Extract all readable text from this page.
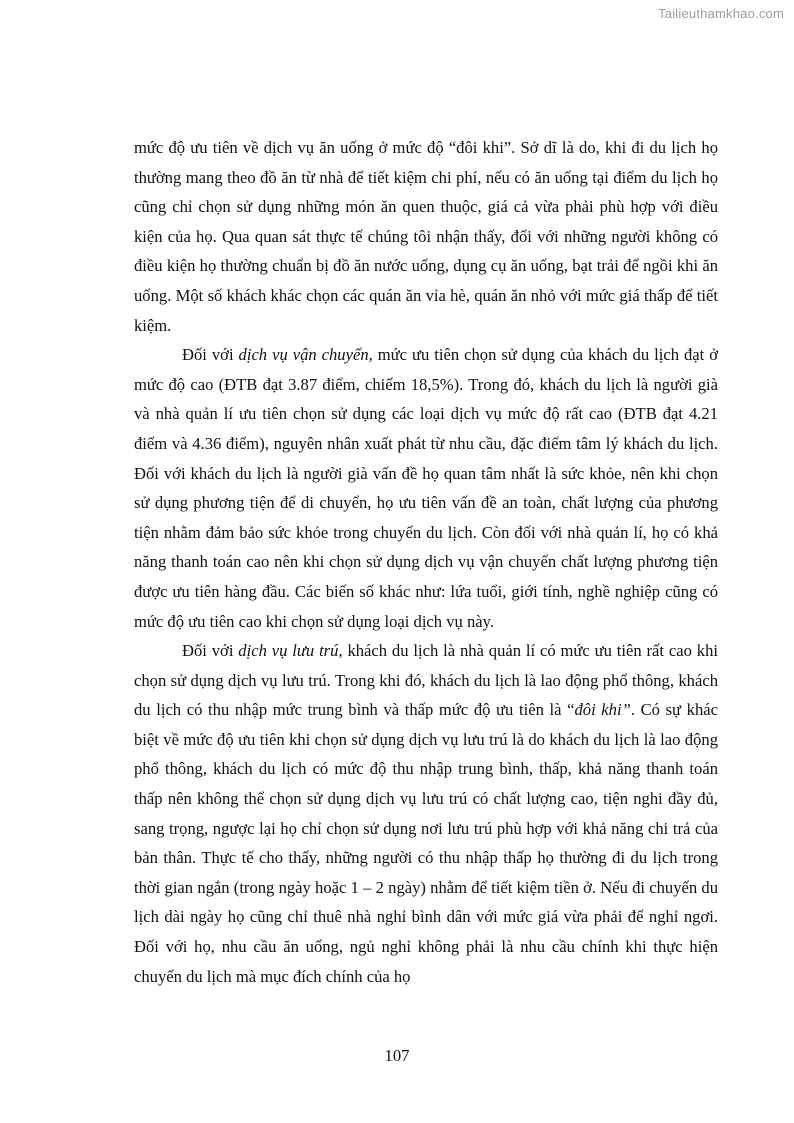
Tailieuthamkhao.com

mức độ ưu tiên về dịch vụ ăn uống ở mức độ “đôi khi”. Sở dĩ là do, khi đi du lịch họ thường mang theo đồ ăn từ nhà để tiết kiệm chi phí, nếu có ăn uống tại điểm du lịch họ cũng chỉ chọn sử dụng những món ăn quen thuộc, giá cả vừa phải phù hợp với điều kiện của họ. Qua quan sát thực tế chúng tôi nhận thấy, đối với những người không có điều kiện họ thường chuẩn bị đồ ăn nước uống, dụng cụ ăn uống, bạt trải để ngồi khi ăn uống. Một số khách khác chọn các quán ăn vỉa hè, quán ăn nhỏ với mức giá thấp để tiết kiệm.

Đối với dịch vụ vận chuyển, mức ưu tiên chọn sử dụng của khách du lịch đạt ở mức độ cao (ĐTB đạt 3.87 điểm, chiếm 18,5%). Trong đó, khách du lịch là người già và nhà quản lí ưu tiên chọn sử dụng các loại dịch vụ mức độ rất cao (ĐTB đạt 4.21 điểm và 4.36 điểm), nguyên nhân xuất phát từ nhu cầu, đặc điểm tâm lý khách du lịch. Đối với khách du lịch là người già vấn đề họ quan tâm nhất là sức khỏe, nên khi chọn sử dụng phương tiện để di chuyển, họ ưu tiên vấn đề an toàn, chất lượng của phương tiện nhằm đảm bảo sức khỏe trong chuyến du lịch. Còn đối với nhà quản lí, họ có khả năng thanh toán cao nên khi chọn sử dụng dịch vụ vận chuyển chất lượng phương tiện được ưu tiên hàng đầu. Các biến số khác như: lứa tuổi, giới tính, nghề nghiệp cũng có mức độ ưu tiên cao khi chọn sử dụng loại dịch vụ này.

Đối với dịch vụ lưu trú, khách du lịch là nhà quản lí có mức ưu tiên rất cao khi chọn sử dụng dịch vụ lưu trú. Trong khi đó, khách du lịch là lao động phổ thông, khách du lịch có thu nhập mức trung bình và thấp mức độ ưu tiên là “đôi khi”. Có sự khác biệt về mức độ ưu tiên khi chọn sử dụng dịch vụ lưu trú là do khách du lịch là lao động phổ thông, khách du lịch có mức độ thu nhập trung bình, thấp, khả năng thanh toán thấp nên không thể chọn sử dụng dịch vụ lưu trú có chất lượng cao, tiện nghi đầy đủ, sang trọng, ngược lại họ chỉ chọn sử dụng nơi lưu trú phù hợp với khả năng chi trả của bản thân. Thực tế cho thấy, những người có thu nhập thấp họ thường đi du lịch trong thời gian ngắn (trong ngày hoặc 1 – 2 ngày) nhằm để tiết kiệm tiền ở. Nếu đi chuyến du lịch dài ngày họ cũng chỉ thuê nhà nghỉ bình dân với mức giá vừa phải để nghỉ ngơi. Đối với họ, nhu cầu ăn uống, ngủ nghỉ không phải là nhu cầu chính khi thực hiện chuyến du lịch mà mục đích chính của họ

107
